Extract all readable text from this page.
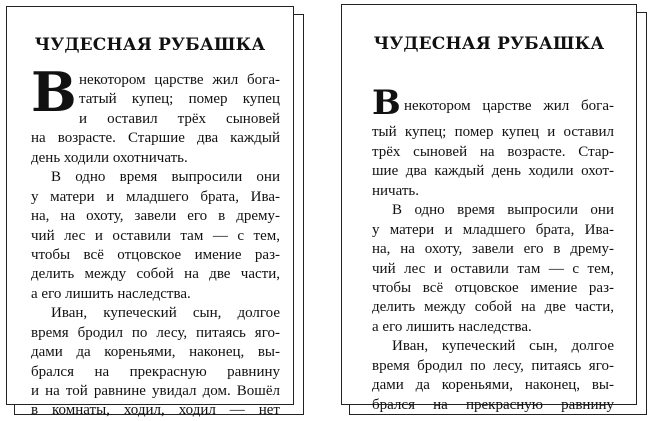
ЧУДЕСНАЯ РУБАШКА
В некотором царстве жил бога-
татый купец; помер купец
и оставил трёх сыновей
на возрасте. Старшие два каждый
день ходили охотничать.
В одно время выпросили они
у матери и младшего брата, Ива-
на, на охоту, завели его в дрему-
чий лес и оставили там — с тем,
чтобы всё отцовское имение раз-
делить между собой на две части,
а его лишить наследства.
Иван, купеческий сын, долгое
время бродил по лесу, питаясь яго-
дами да кореньями, наконец, вы-
брался на прекрасную равнину
и на той равнине увидал дом. Вошёл
в комнаты, ходил, ходил — нет
ЧУДЕСНАЯ РУБАШКА
В некотором царстве жил бога-
тый купец; помер купец и оставил
трёх сыновей на возрасте. Стар-
шие два каждый день ходили охот-
ничать.
В одно время выпросили они
у матери и младшего брата, Ива-
на, на охоту, завели его в дрему-
чий лес и оставили там — с тем,
чтобы всё отцовское имение раз-
делить между собой на две части,
а его лишить наследства.
Иван, купеческий сын, долгое
время бродил по лесу, питаясь яго-
дами да кореньями, наконец, вы-
брался на прекрасную равнину
